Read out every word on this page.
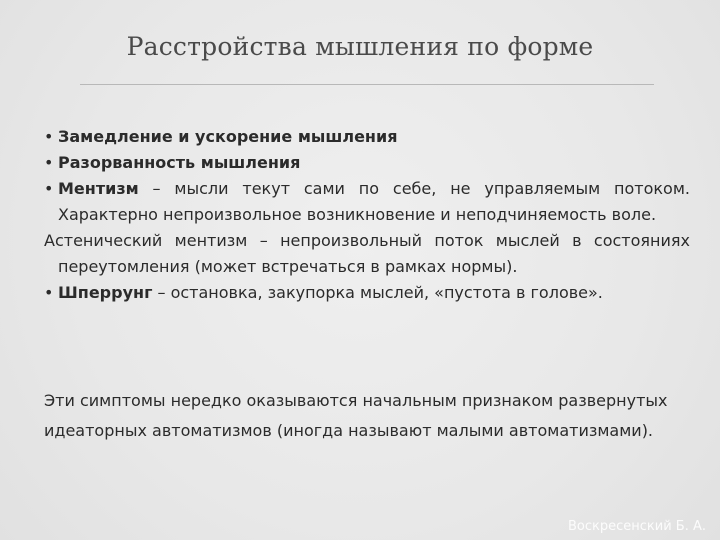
Расстройства мышления по форме

• Замедление и ускорение мышления

• Разорванность мышления

• Ментизм – мысли текут сами по себе, не управляемым потоком. Характерно непроизвольное возникновение и неподчиняемость воле.

Астенический ментизм – непроизвольный поток мыслей в состояниях переутомления (может встречаться в рамках нормы).

• Шперрунг – остановка, закупорка мыслей, «пустота в голове».

Эти симптомы нередко оказываются начальным признаком развернутых идеаторных автоматизмов (иногда называют малыми автоматизмами).
Воскресенский Б. А.
